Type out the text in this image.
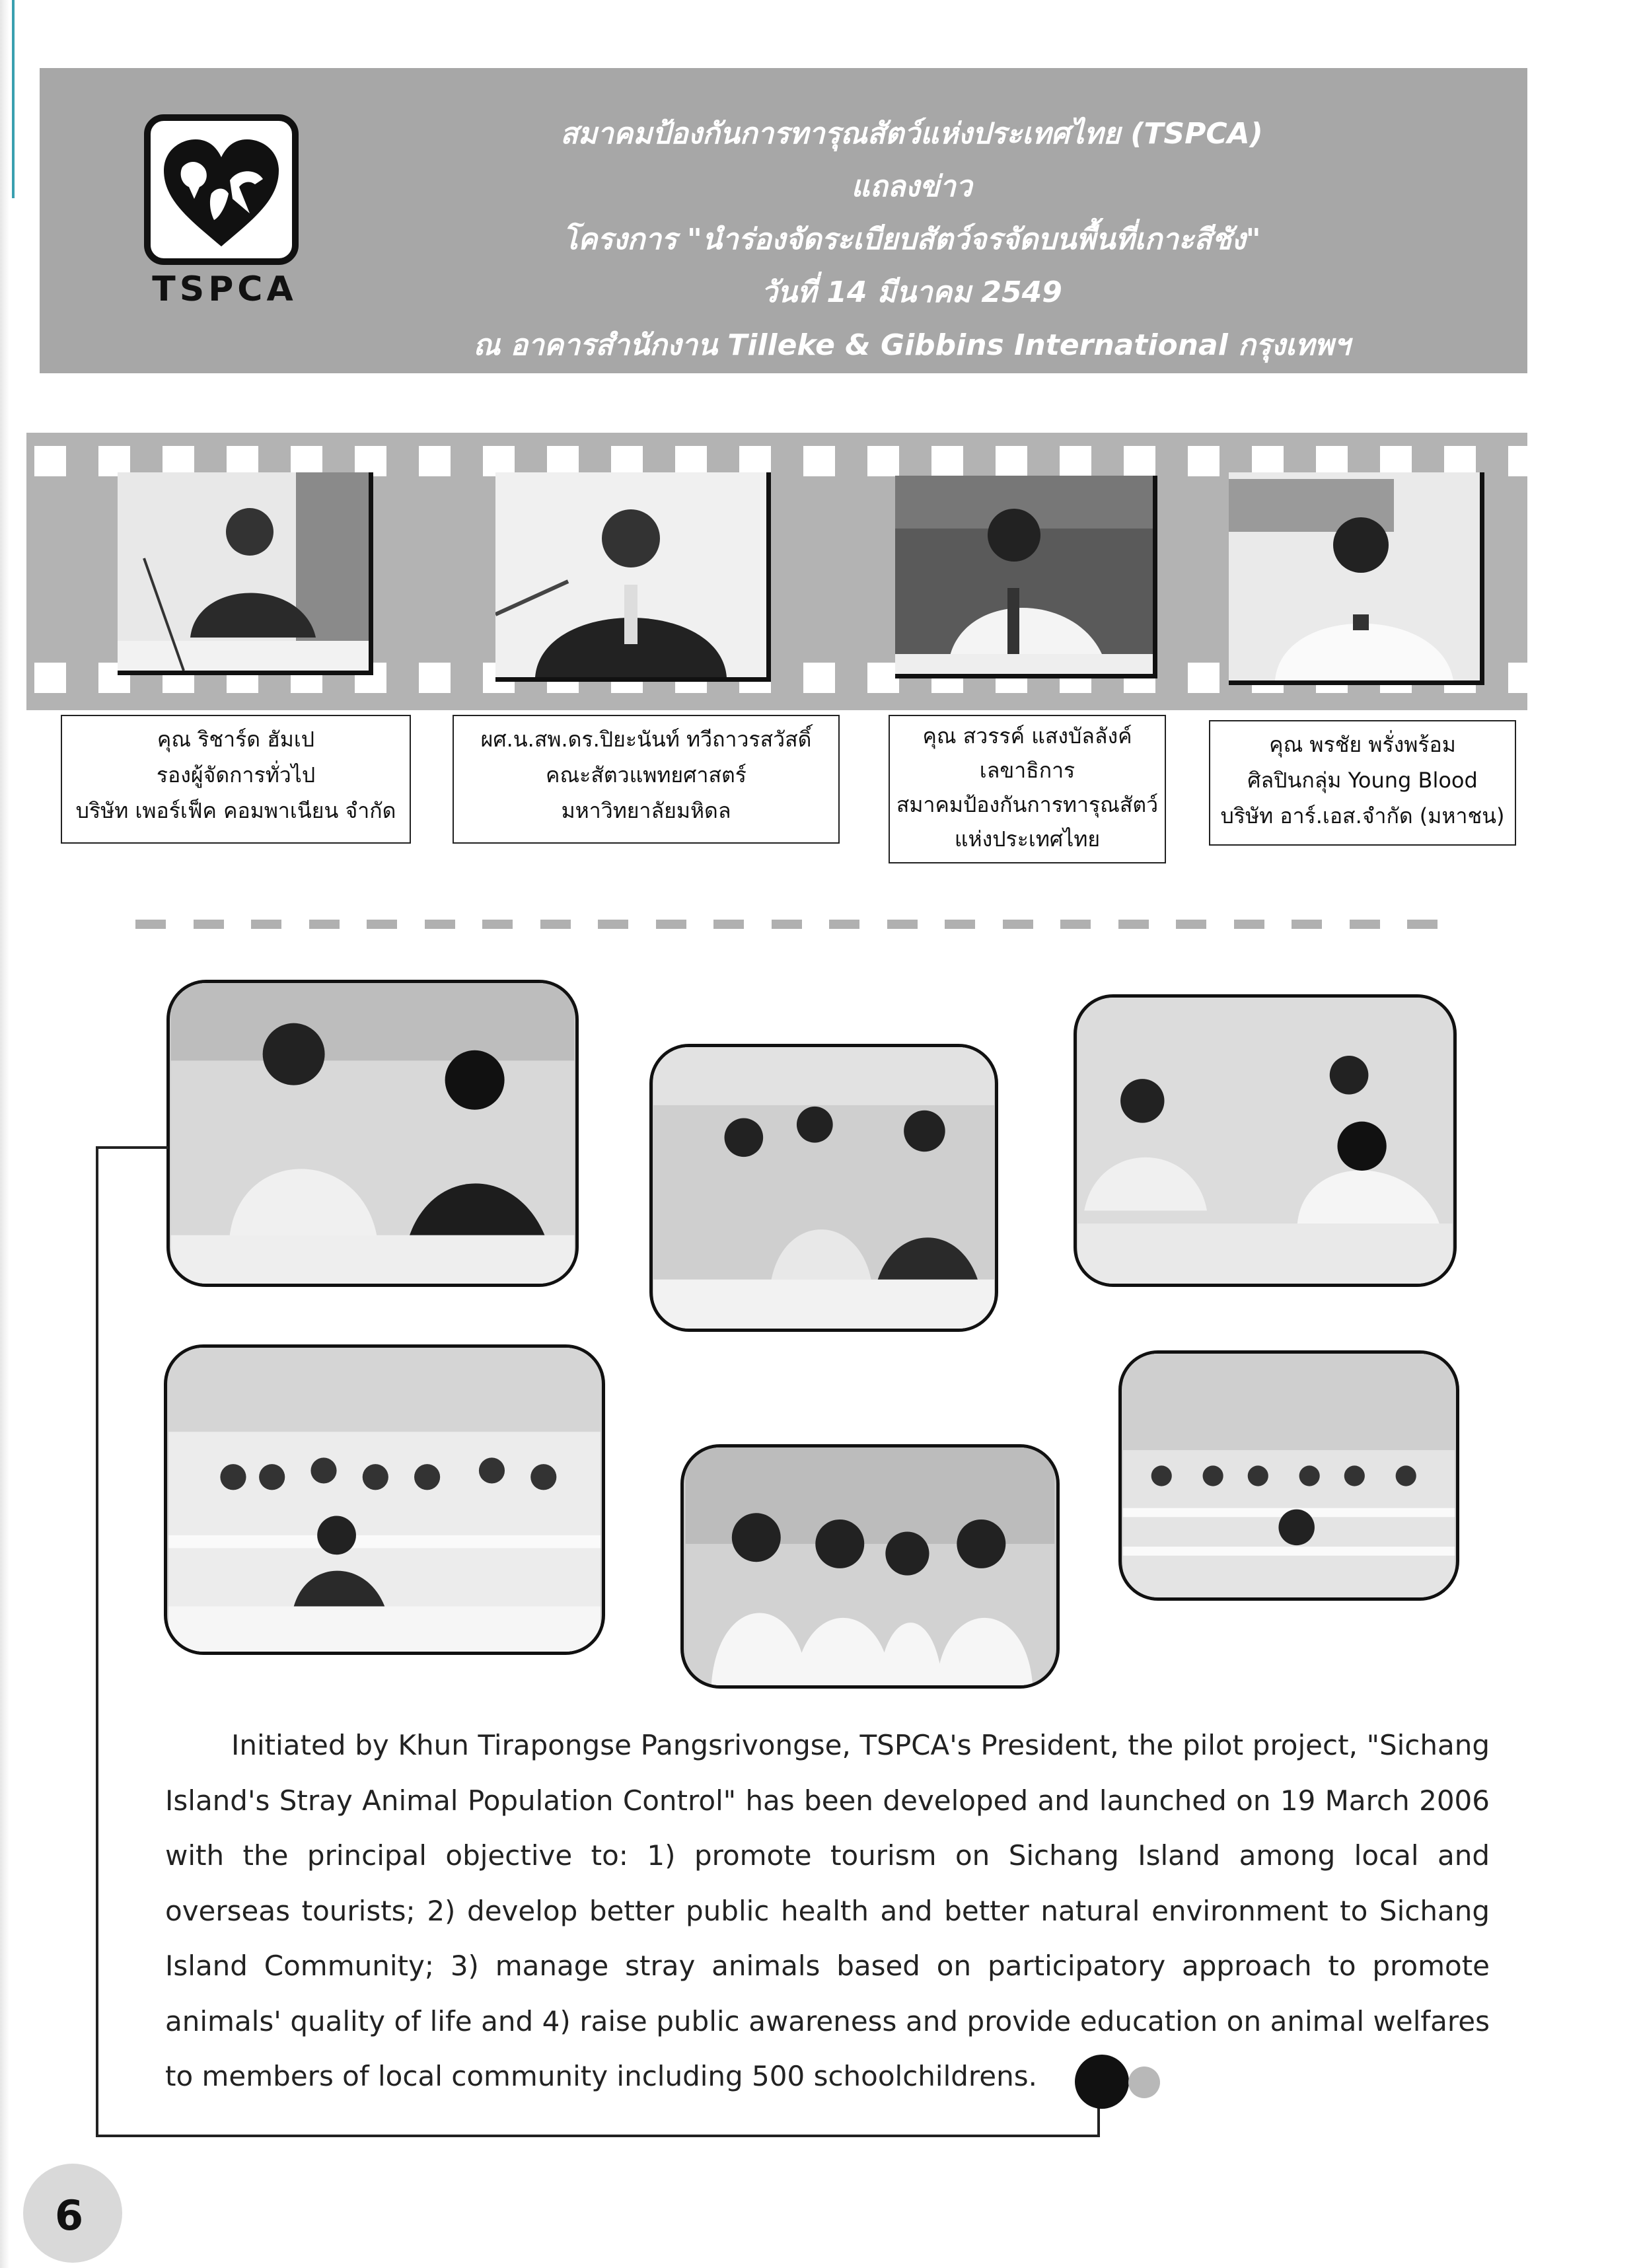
TSPCA
สมาคมป้องกันการทารุณสัตว์แห่งประเทศไทย (TSPCA)
แถลงข่าว
โครงการ "นำร่องจัดระเบียบสัตว์จรจัดบนพื้นที่เกาะสีชัง"
วันที่ 14 มีนาคม 2549
ณ อาคารสำนักงาน Tilleke & Gibbins International กรุงเทพฯ
คุณ ริชาร์ด ฮัมเป
รองผู้จัดการทั่วไป
บริษัท เพอร์เฟ็ค คอมพาเนียน จำกัด
ผศ.น.สพ.ดร.ปิยะนันท์ ทวีถาวรสวัสดิ์
คณะสัตวแพทยศาสตร์
มหาวิทยาลัยมหิดล
คุณ สวรรค์ แสงบัลลังค์
เลขาธิการ
สมาคมป้องกันการทารุณสัตว์
แห่งประเทศไทย
คุณ พรชัย พรั่งพร้อม
ศิลปินกลุ่ม Young Blood
บริษัท อาร์.เอส.จำกัด (มหาชน)
Initiated by Khun Tirapongse Pangsrivongse, TSPCA's President, the pilot project, "Sichang Island's Stray Animal Population Control" has been developed and launched on 19 March 2006 with the principal objective to: 1) promote tourism on Sichang Island among local and overseas tourists; 2) develop better public health and better natural environment to Sichang Island Community; 3) manage stray animals based on participatory approach to promote animals' quality of life and 4) raise public awareness and provide education on animal welfares to members of local community including 500 schoolchildrens.
6
